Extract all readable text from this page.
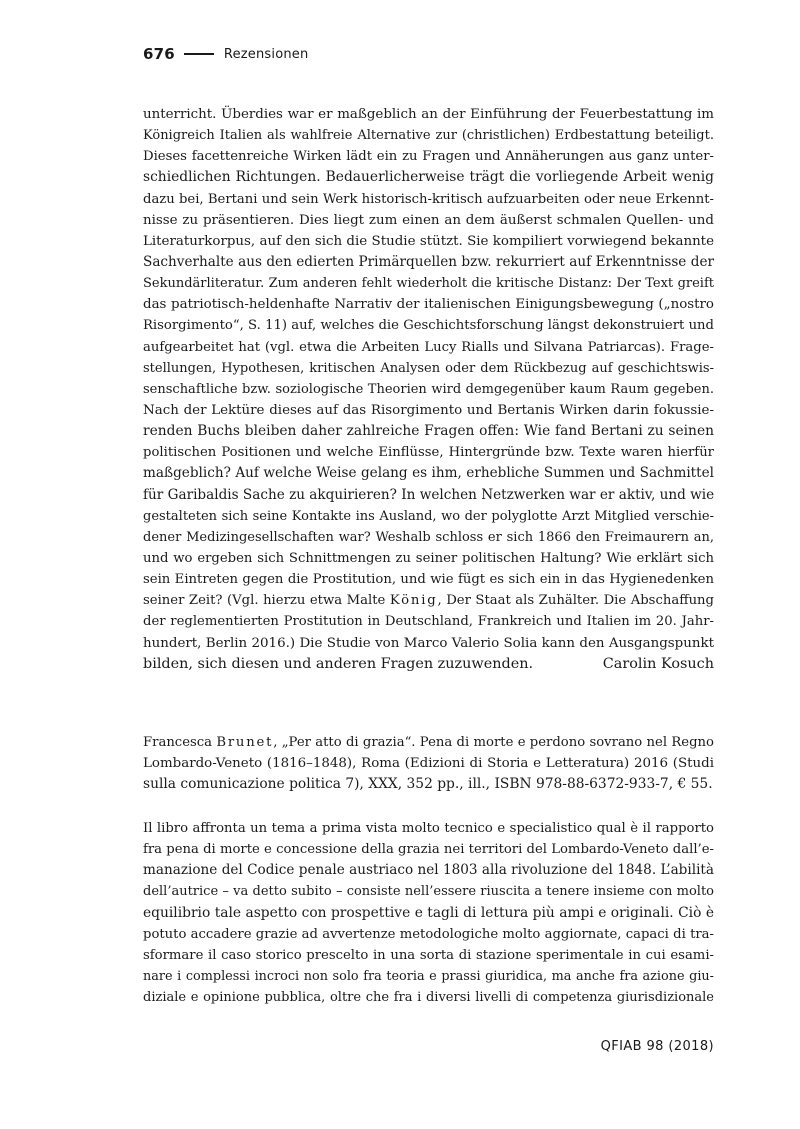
676	Rezensionen
unterricht. Überdies war er maßgeblich an der Einführung der Feuerbestattung im
Königreich Italien als wahlfreie Alternative zur (christlichen) Erdbestattung beteiligt.
Dieses facettenreiche Wirken lädt ein zu Fragen und Annäherungen aus ganz unter-
schiedlichen Richtungen. Bedauerlicherweise trägt die vorliegende Arbeit wenig
dazu bei, Bertani und sein Werk historisch-kritisch aufzuarbeiten oder neue Erkennt-
nisse zu präsentieren. Dies liegt zum einen an dem äußerst schmalen Quellen- und
Literaturkorpus, auf den sich die Studie stützt. Sie kompiliert vorwiegend bekannte
Sachverhalte aus den edierten Primärquellen bzw. rekurriert auf Erkenntnisse der
Sekundärliteratur. Zum anderen fehlt wiederholt die kritische Distanz: Der Text greift
das patriotisch-heldenhafte Narrativ der italienischen Einigungsbewegung („nostro
Risorgimento“, S. 11) auf, welches die Geschichtsforschung längst dekonstruiert und
aufgearbeitet hat (vgl. etwa die Arbeiten Lucy Rialls und Silvana Patriarcas). Frage-
stellungen, Hypothesen, kritischen Analysen oder dem Rückbezug auf geschichtswis-
senschaftliche bzw. soziologische Theorien wird demgegenüber kaum Raum gegeben.
Nach der Lektüre dieses auf das Risorgimento und Bertanis Wirken darin fokussie-
renden Buchs bleiben daher zahlreiche Fragen offen: Wie fand Bertani zu seinen
politischen Positionen und welche Einflüsse, Hintergründe bzw. Texte waren hierfür
maßgeblich? Auf welche Weise gelang es ihm, erhebliche Summen und Sachmittel
für Garibaldis Sache zu akquirieren? In welchen Netzwerken war er aktiv, und wie
gestalteten sich seine Kontakte ins Ausland, wo der polyglotte Arzt Mitglied verschie-
dener Medizingesellschaften war? Weshalb schloss er sich 1866 den Freimaurern an,
und wo ergeben sich Schnittmengen zu seiner politischen Haltung? Wie erklärt sich
sein Eintreten gegen die Prostitution, und wie fügt es sich ein in das Hygienedenken
seiner Zeit? (Vgl. hierzu etwa Malte König, Der Staat als Zuhälter. Die Abschaffung
der reglementierten Prostitution in Deutschland, Frankreich und Italien im 20. Jahr-
hundert, Berlin 2016.) Die Studie von Marco Valerio Solia kann den Ausgangspunkt
bilden, sich diesen und anderen Fragen zuzuwenden.	Carolin Kosuch
Francesca Brunet, „Per atto di grazia“. Pena di morte e perdono sovrano nel Regno
Lombardo-Veneto (1816–1848), Roma (Edizioni di Storia e Letteratura) 2016 (Studi
sulla comunicazione politica 7), XXX, 352 pp., ill., ISBN 978-88-6372-933-7, € 55.
Il libro affronta un tema a prima vista molto tecnico e specialistico qual è il rapporto
fra pena di morte e concessione della grazia nei territori del Lombardo-Veneto dall’e-
manazione del Codice penale austriaco nel 1803 alla rivoluzione del 1848. L’abilità
dell’autrice – va detto subito – consiste nell’essere riuscita a tenere insieme con molto
equilibrio tale aspetto con prospettive e tagli di lettura più ampi e originali. Ciò è
potuto accadere grazie ad avvertenze metodologiche molto aggiornate, capaci di tra-
sformare il caso storico prescelto in una sorta di stazione sperimentale in cui esami-
nare i complessi incroci non solo fra teoria e prassi giuridica, ma anche fra azione giu-
diziale e opinione pubblica, oltre che fra i diversi livelli di competenza giurisdizionale
QFIAB 98 (2018)
